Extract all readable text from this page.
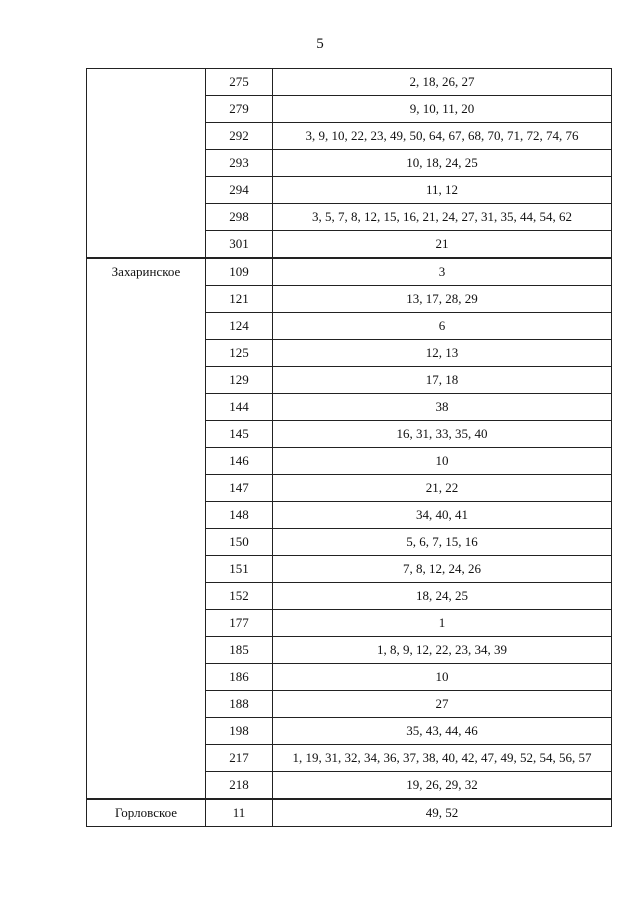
5
	275	2, 18, 26, 27
	279	9, 10, 11, 20
	292	3, 9, 10, 22, 23, 49, 50, 64, 67, 68, 70, 71, 72, 74, 76
	293	10, 18, 24, 25
	294	11, 12
	298	3, 5, 7, 8, 12, 15, 16, 21, 24, 27, 31, 35, 44, 54, 62
	301	21

Захаринское	109	3
	121	13, 17, 28, 29
	124	6
	125	12, 13
	129	17, 18
	144	38
	145	16, 31, 33, 35, 40
	146	10
	147	21, 22
	148	34, 40, 41
	150	5, 6, 7, 15, 16
	151	7, 8, 12, 24, 26
	152	18, 24, 25
	177	1
	185	1, 8, 9, 12, 22, 23, 34, 39
	186	10
	188	27
	198	35, 43, 44, 46
	217	1, 19, 31, 32, 34, 36, 37, 38, 40, 42, 47, 49, 52, 54, 56, 57
	218	19, 26, 29, 32

Горловское	11	49, 52
